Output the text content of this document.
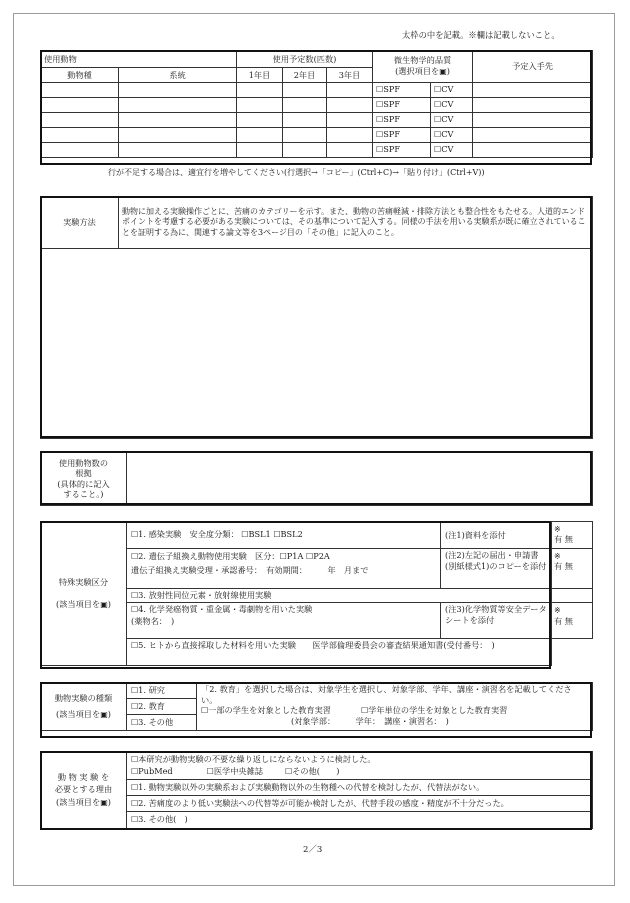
太枠の中を記載。※欄は記載しないこと。
使用動物		使用予定数(匹数)			微生物学的品質
(選択項目を▣)		予定入手先
動物種	系統	1年目	2年目	3年目			
					☐SPF	☐CV	
					☐SPF	☐CV	
					☐SPF	☐CV	
					☐SPF	☐CV	
					☐SPF	☐CV	
行が不足する場合は、適宜行を増やしてください(行選択→「コピー」(Ctrl+C)→「貼り付け」(Ctrl+V))
実験方法	動物に加える実験操作ごとに、苦痛のカテゴリーを示す。また、動物の苦痛軽減・排除方法とも整合性をもたせる。人道的エンドポイントを考慮する必要がある実験については、その基準について記入する。同様の手法を用いる実験系が既に確立されていることを証明する為に、関連する論文等を3ページ目の「その他」に記入のこと。

使用動物数の
根拠
(具体的に記入
すること。)	
特殊実験区分

(該当項目を▣)	☐1. 感染実験　安全度分類： ☐BSL1 ☐BSL2	(注1)資料を添付	※
有 無
	☐2. 遺伝子組換え動物使用実験　区分：☐P1A ☐P2A
遺伝子組換え実験受理・承認番号：　有効期間：　　　年　月まで	(注2)左記の届出・申請書(別紙様式1)のコピーを添付	※
有 無
	☐3. 放射性同位元素・放射線使用実験		
	☐4. 化学発癌物質・重金属・毒劇物を用いた実験
(薬物名：　)	(注3)化学物質等安全データシートを添付	※
有 無
	☐5. ヒトから直接採取した材料を用いた実験　　医学部倫理委員会の審査結果通知書(受付番号：　)		
動物実験の種類
(該当項目を▣)	☐1. 研究	「2. 教育」を選択した場合は、対象学生を選択し、対象学部、学年、講座・演習名を記載してください。
☐一部の学生を対象とした教育実習	☐学年単位の学生を対象とした教育実習
(対象学部：　　　学年：　講座・演習名：　)
☐2. 教育
☐3. その他
動 物 実 験 を
必要とする理由
(該当項目を▣)	☐本研究が動物実験の不要な繰り返しにならないように検討した。
☐PubMed	☐医学中央雑誌	☐その他(　　)
☐1. 動物実験以外の実験系および実験動物以外の生物種への代替を検討したが、代替法がない。
☐2. 苦痛度のより低い実験法への代替等が可能か検討したが、代替手段の感度・精度が不十分だった。
☐3. その他(　)
2／3
